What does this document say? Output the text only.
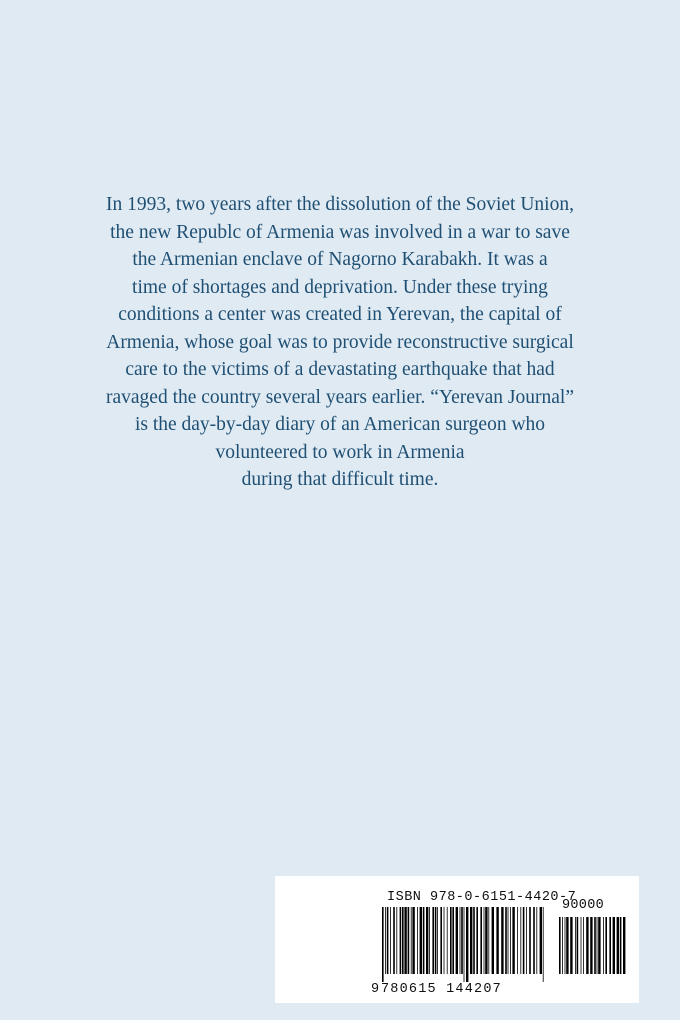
In 1993, two years after the dissolution of the Soviet Union,
the new Republc of Armenia was involved in a war to save
the Armenian enclave of Nagorno Karabakh. It was a
time of shortages and deprivation. Under these trying
conditions a center was created in Yerevan, the capital of
Armenia, whose goal was to provide reconstructive surgical
care to the victims of a devastating earthquake that had
ravaged the country several years earlier. “Yerevan Journal”
is the day-by-day diary of an American surgeon who
volunteered to work in Armenia
during that difficult time.
ISBN 978-0-6151-4420-7
90000
9 780615 144207
